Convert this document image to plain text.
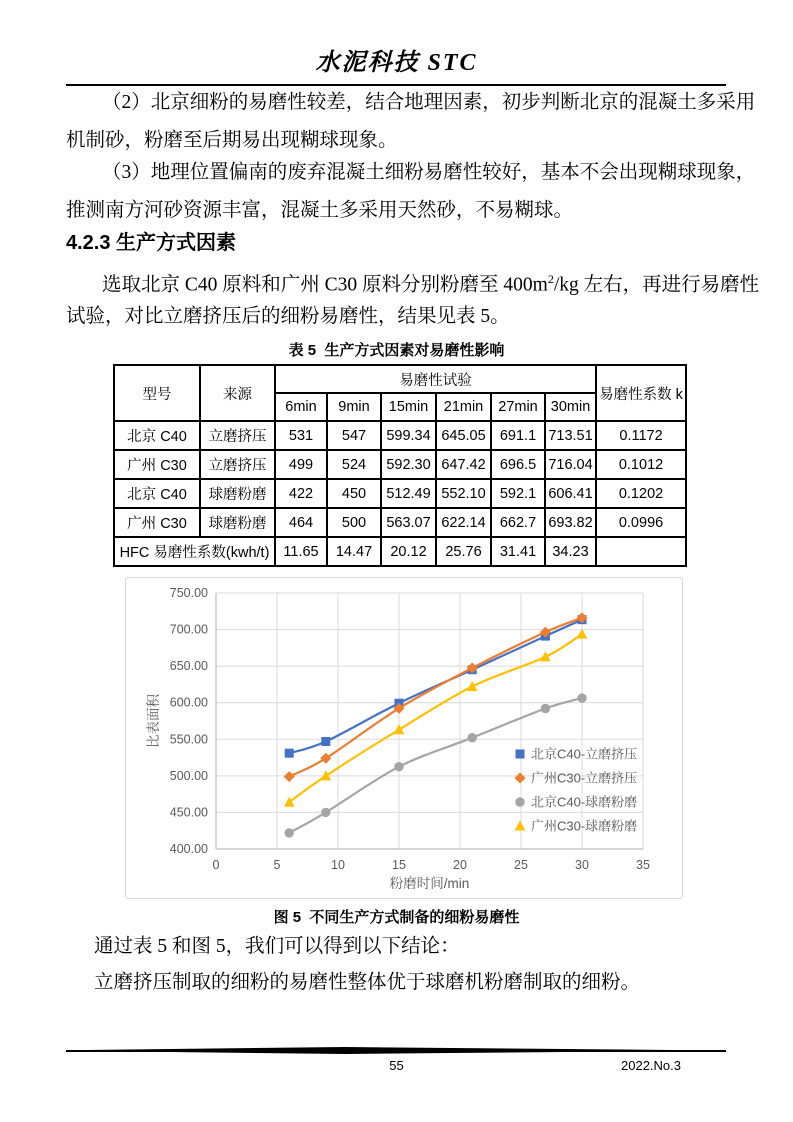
水泥科技 STC
（2）北京细粉的易磨性较差，结合地理因素，初步判断北京的混凝土多采用
机制砂，粉磨至后期易出现糊球现象。
（3）地理位置偏南的废弃混凝土细粉易磨性较好，基本不会出现糊球现象，
推测南方河砂资源丰富，混凝土多采用天然砂，不易糊球。
4.2.3 生产方式因素
选取北京 C40 原料和广州 C30 原料分别粉磨至 $400m^2/kg$ 左右，再进行易磨性
试验，对比立磨挤压后的细粉易磨性，结果见表 5。
表 5  生产方式因素对易磨性影响
型号	来源	易磨性试验						易磨性系数 k
		6min	9min	15min	21min	27min	30min	
北京 C40	立磨挤压	531	547	599.34	645.05	691.1	713.51	0.1172
广州 C30	立磨挤压	499	524	592.30	647.42	696.5	716.04	0.1012
北京 C40	球磨粉磨	422	450	512.49	552.10	592.1	606.41	0.1202
广州 C30	球磨粉磨	464	500	563.07	622.14	662.7	693.82	0.0996
HFC 易磨性系数(kwh/t)		11.65	14.47	20.12	25.76	31.41	34.23	
400.00
450.00
500.00
550.00
600.00
650.00
700.00
750.00
0	5	10	15	20	25	30	35
比表面积
粉磨时间/min
北京C40-立磨挤压
广州C30-立磨挤压
北京C40-球磨粉磨
广州C30-球磨粉磨
图 5  不同生产方式制备的细粉易磨性
通过表 5 和图 5，我们可以得到以下结论：
立磨挤压制取的细粉的易磨性整体优于球磨机粉磨制取的细粉。
55	2022.No.3
